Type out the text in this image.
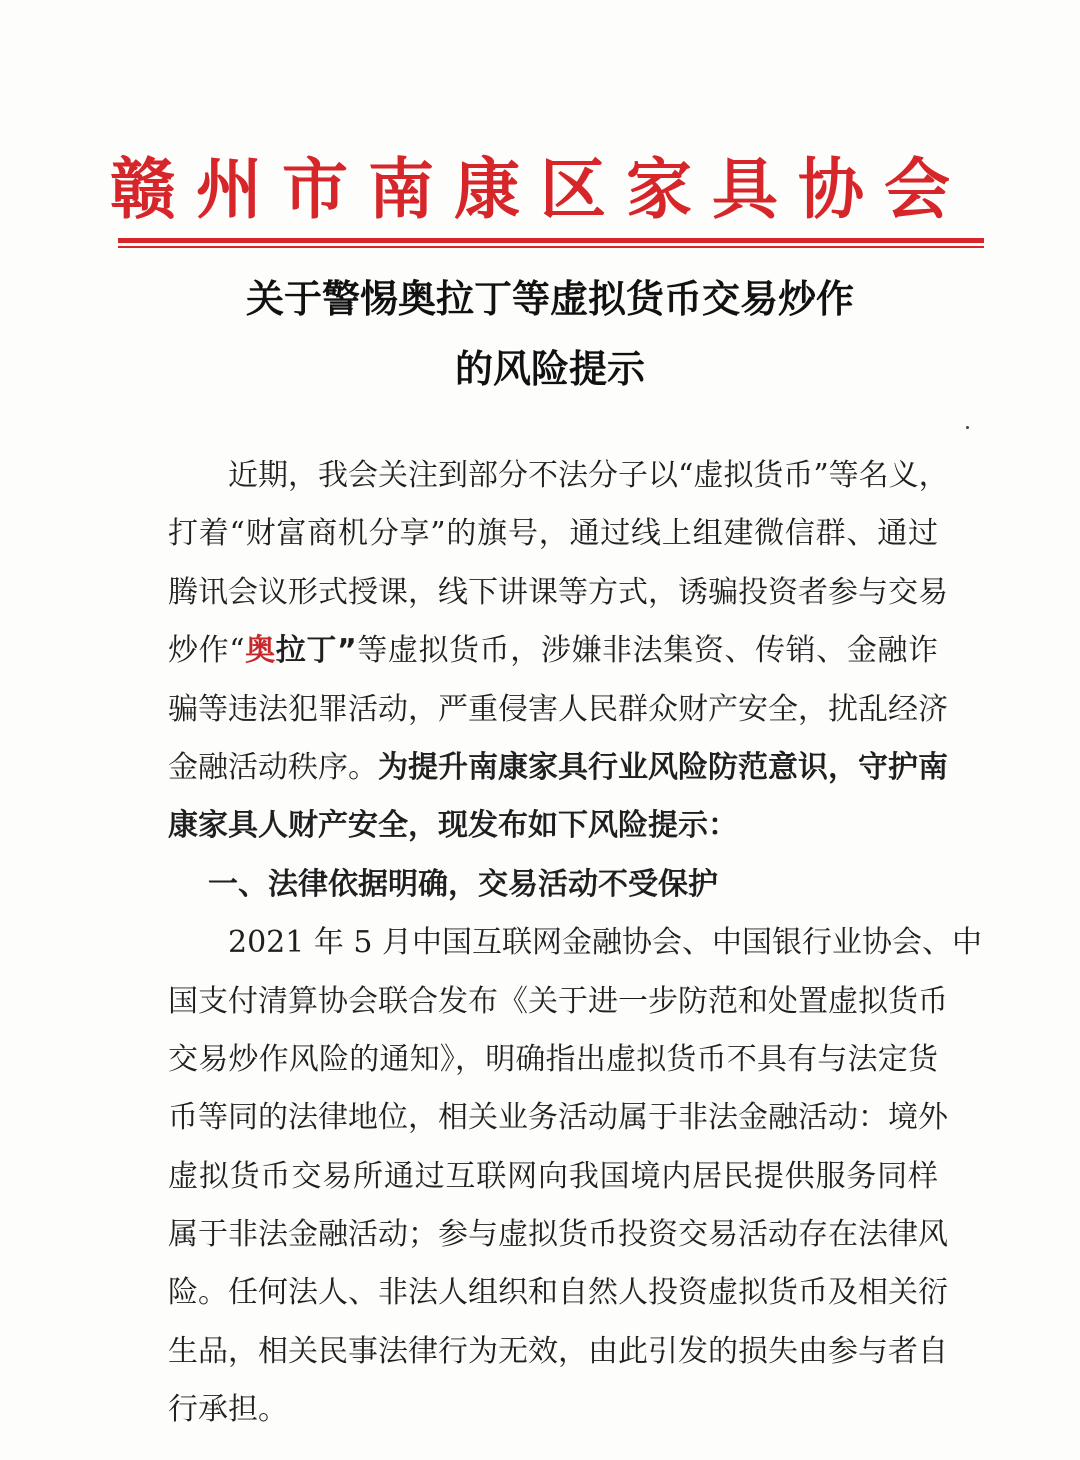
赣州市南康区家具协会
关于警惕奥拉丁等虚拟货币交易炒作
的风险提示
近期，我会关注到部分不法分子以“虚拟货币”等名义，
打着“财富商机分享”的旗号，通过线上组建微信群、通过
腾讯会议形式授课，线下讲课等方式，诱骗投资者参与交易
炒作“奥拉丁”等虚拟货币，涉嫌非法集资、传销、金融诈
骗等违法犯罪活动，严重侵害人民群众财产安全，扰乱经济
金融活动秩序。为提升南康家具行业风险防范意识，守护南
康家具人财产安全，现发布如下风险提示：
一、法律依据明确，交易活动不受保护
2021 年 5 月中国互联网金融协会、中国银行业协会、中
国支付清算协会联合发布《关于进一步防范和处置虚拟货币
交易炒作风险的通知》，明确指出虚拟货币不具有与法定货
币等同的法律地位，相关业务活动属于非法金融活动：境外
虚拟货币交易所通过互联网向我国境内居民提供服务同样
属于非法金融活动；参与虚拟货币投资交易活动存在法律风
险。任何法人、非法人组织和自然人投资虚拟货币及相关衍
生品，相关民事法律行为无效，由此引发的损失由参与者自
行承担。
